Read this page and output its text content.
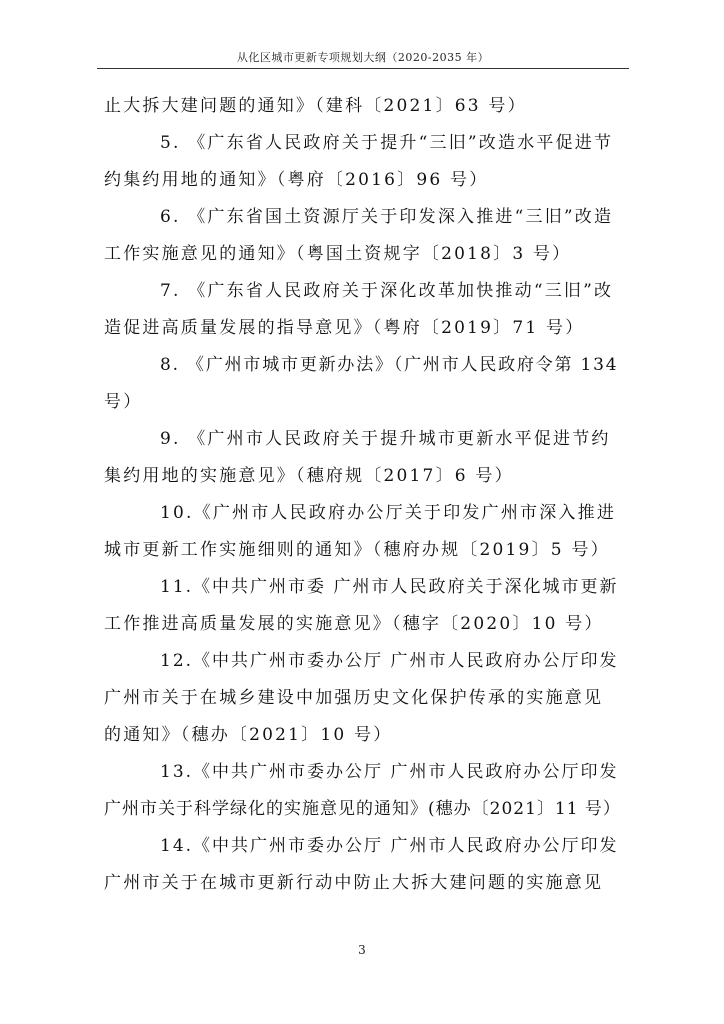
从化区城市更新专项规划大纲（2020-2035 年）
止大拆大建问题的通知》（建科〔2021〕63 号）
5. 《广东省人民政府关于提升“三旧”改造水平促进节
约集约用地的通知》（粤府〔2016〕96 号）
6. 《广东省国土资源厅关于印发深入推进“三旧”改造
工作实施意见的通知》（粤国土资规字〔2018〕3 号）
7. 《广东省人民政府关于深化改革加快推动“三旧”改
造促进高质量发展的指导意见》（粤府〔2019〕71 号）
8. 《广州市城市更新办法》（广州市人民政府令第 134
号）
9. 《广州市人民政府关于提升城市更新水平促进节约
集约用地的实施意见》（穗府规〔2017〕6 号）
10.《广州市人民政府办公厅关于印发广州市深入推进
城市更新工作实施细则的通知》（穗府办规〔2019〕5 号）
11.《中共广州市委 广州市人民政府关于深化城市更新
工作推进高质量发展的实施意见》（穗字〔2020〕10 号）
12.《中共广州市委办公厅 广州市人民政府办公厅印发
广州市关于在城乡建设中加强历史文化保护传承的实施意见
的通知》（穗办〔2021〕10 号）
13.《中共广州市委办公厅 广州市人民政府办公厅印发
广州市关于科学绿化的实施意见的通知》(穗办〔2021〕11 号）
14.《中共广州市委办公厅 广州市人民政府办公厅印发
广州市关于在城市更新行动中防止大拆大建问题的实施意见
3
